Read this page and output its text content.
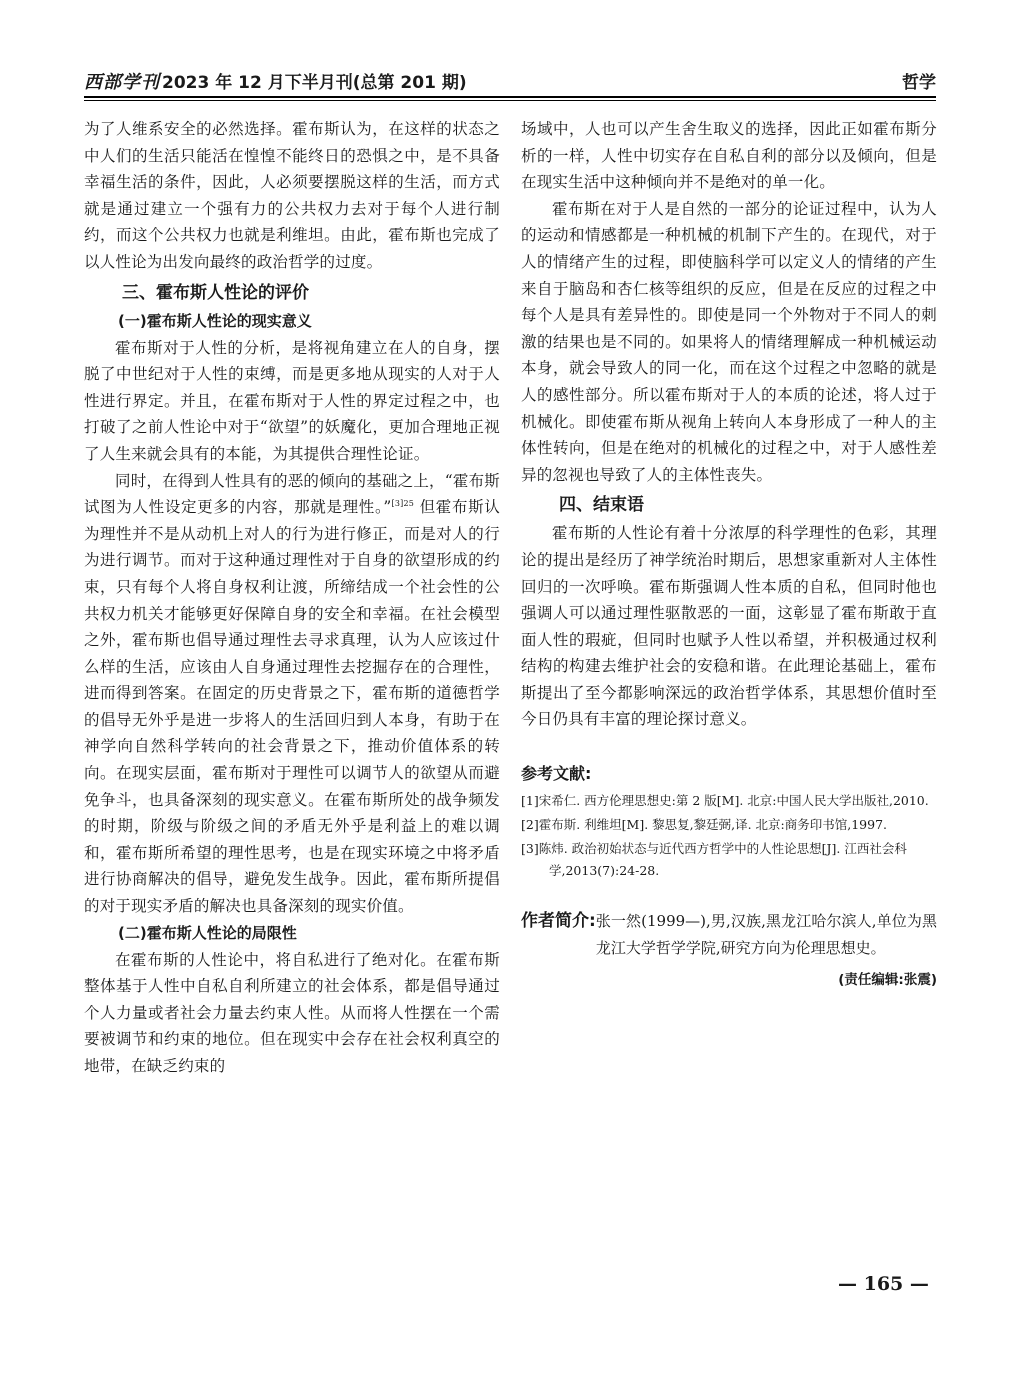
西部学刊 2023 年 12 月下半月刊(总第 201 期)	哲学

为了人维系安全的必然选择。霍布斯认为，在这样的状态之中人们的生活只能活在惶惶不能终日的恐惧之中，是不具备幸福生活的条件，因此，人必须要摆脱这样的生活，而方式就是通过建立一个强有力的公共权力去对于每个人进行制约，而这个公共权力也就是利维坦。由此，霍布斯也完成了以人性论为出发向最终的政治哲学的过度。

三、霍布斯人性论的评价
(一)霍布斯人性论的现实意义

霍布斯对于人性的分析，是将视角建立在人的自身，摆脱了中世纪对于人性的束缚，而是更多地从现实的人对于人性进行界定。并且，在霍布斯对于人性的界定过程之中，也打破了之前人性论中对于“欲望”的妖魔化，更加合理地正视了人生来就会具有的本能，为其提供合理性论证。

同时，在得到人性具有的恶的倾向的基础之上，“霍布斯试图为人性设定更多的内容，那就是理性。”$^{[3]25}$ 但霍布斯认为理性并不是从动机上对人的行为进行修正，而是对人的行为进行调节。而对于这种通过理性对于自身的欲望形成的约束，只有每个人将自身权利让渡，所缔结成一个社会性的公共权力机关才能够更好保障自身的安全和幸福。在社会模型之外，霍布斯也倡导通过理性去寻求真理，认为人应该过什么样的生活，应该由人自身通过理性去挖掘存在的合理性，进而得到答案。在固定的历史背景之下，霍布斯的道德哲学的倡导无外乎是进一步将人的生活回归到人本身，有助于在神学向自然科学转向的社会背景之下，推动价值体系的转向。在现实层面，霍布斯对于理性可以调节人的欲望从而避免争斗，也具备深刻的现实意义。在霍布斯所处的战争频发的时期，阶级与阶级之间的矛盾无外乎是利益上的难以调和，霍布斯所希望的理性思考，也是在现实环境之中将矛盾进行协商解决的倡导，避免发生战争。因此，霍布斯所提倡的对于现实矛盾的解决也具备深刻的现实价值。

(二)霍布斯人性论的局限性

在霍布斯的人性论中，将自私进行了绝对化。在霍布斯整体基于人性中自私自利所建立的社会体系，都是倡导通过个人力量或者社会力量去约束人性。从而将人性摆在一个需要被调节和约束的地位。但在现实中会存在社会权利真空的地带，在缺乏约束的

场域中，人也可以产生舍生取义的选择，因此正如霍布斯分析的一样，人性中切实存在自私自利的部分以及倾向，但是在现实生活中这种倾向并不是绝对的单一化。

霍布斯在对于人是自然的一部分的论证过程中，认为人的运动和情感都是一种机械的机制下产生的。在现代，对于人的情绪产生的过程，即使脑科学可以定义人的情绪的产生来自于脑岛和杏仁核等组织的反应，但是在反应的过程之中每个人是具有差异性的。即使是同一个外物对于不同人的刺激的结果也是不同的。如果将人的情绪理解成一种机械运动本身，就会导致人的同一化，而在这个过程之中忽略的就是人的感性部分。所以霍布斯对于人的本质的论述，将人过于机械化。即使霍布斯从视角上转向人本身形成了一种人的主体性转向，但是在绝对的机械化的过程之中，对于人感性差异的忽视也导致了人的主体性丧失。

四、结束语

霍布斯的人性论有着十分浓厚的科学理性的色彩，其理论的提出是经历了神学统治时期后，思想家重新对人主体性回归的一次呼唤。霍布斯强调人性本质的自私，但同时他也强调人可以通过理性驱散恶的一面，这彰显了霍布斯敢于直面人性的瑕疵，但同时也赋予人性以希望，并积极通过权利结构的构建去维护社会的安稳和谐。在此理论基础上，霍布斯提出了至今都影响深远的政治哲学体系，其思想价值时至今日仍具有丰富的理论探讨意义。

参考文献:

[1]宋希仁. 西方伦理思想史:第 2 版[M]. 北京:中国人民大学出版社,2010.

[2]霍布斯. 利维坦[M]. 黎思复,黎廷弼,译. 北京:商务印书馆,1997.

[3]陈炜. 政治初始状态与近代西方哲学中的人性论思想[J]. 江西社会科学,2013(7):24-28.

作者简介: 张一然(1999—),男,汉族,黑龙江哈尔滨人,单位为黑龙江大学哲学学院,研究方向为伦理思想史。
(责任编辑:张震)
— 165 —
